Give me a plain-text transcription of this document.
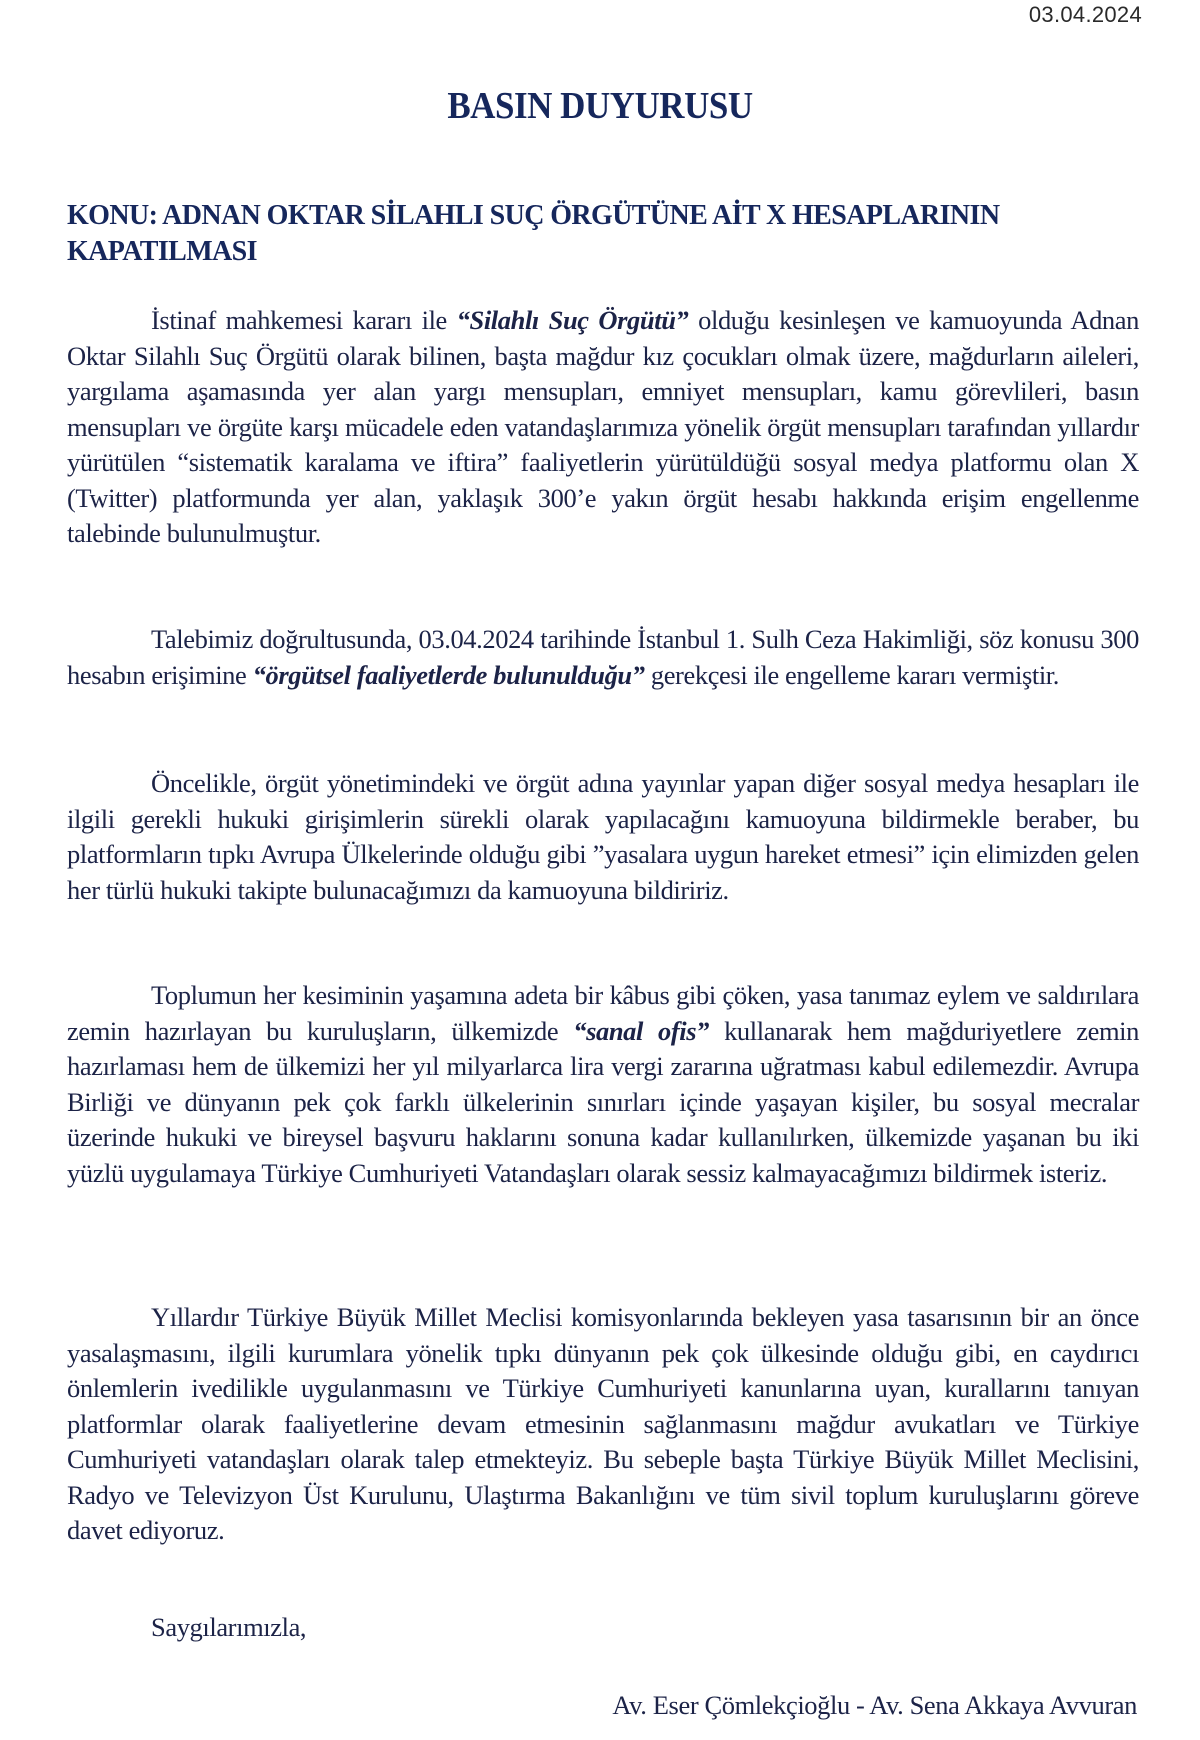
03.04.2024
BASIN DUYURUSU
KONU: ADNAN OKTAR SİLAHLI SUÇ ÖRGÜTÜNE AİT X HESAPLARININ KAPATILMASI

İstinaf mahkemesi kararı ile “Silahlı Suç Örgütü” olduğu kesinleşen ve kamuoyunda Adnan Oktar Silahlı Suç Örgütü olarak bilinen, başta mağdur kız çocukları olmak üzere, mağdurların aileleri, yargılama aşamasında yer alan yargı mensupları, emniyet mensupları, kamu görevlileri, basın mensupları ve örgüte karşı mücadele eden vatandaşlarımıza yönelik örgüt mensupları tarafından yıllardır yürütülen “sistematik karalama ve iftira” faaliyetlerin yürütüldüğü sosyal medya platformu olan X (Twitter) platformunda yer alan, yaklaşık 300’e yakın örgüt hesabı hakkında erişim engellenme talebinde bulunulmuştur.

Talebimiz doğrultusunda, 03.04.2024 tarihinde İstanbul 1. Sulh Ceza Hakimliği, söz konusu 300 hesabın erişimine “örgütsel faaliyetlerde bulunulduğu” gerekçesi ile engelleme kararı vermiştir.

Öncelikle, örgüt yönetimindeki ve örgüt adına yayınlar yapan diğer sosyal medya hesapları ile ilgili gerekli hukuki girişimlerin sürekli olarak yapılacağını kamuoyuna bildirmekle beraber, bu platformların tıpkı Avrupa Ülkelerinde olduğu gibi ”yasalara uygun hareket etmesi” için elimizden gelen her türlü hukuki takipte bulunacağımızı da kamuoyuna bildiririz.

Toplumun her kesiminin yaşamına adeta bir kâbus gibi çöken, yasa tanımaz eylem ve saldırılara zemin hazırlayan bu kuruluşların, ülkemizde “sanal ofis” kullanarak hem mağduriyetlere zemin hazırlaması hem de ülkemizi her yıl milyarlarca lira vergi zararına uğratması kabul edilemezdir. Avrupa Birliği ve dünyanın pek çok farklı ülkelerinin sınırları içinde yaşayan kişiler, bu sosyal mecralar üzerinde hukuki ve bireysel başvuru haklarını sonuna kadar kullanılırken, ülkemizde yaşanan bu iki yüzlü uygulamaya Türkiye Cumhuriyeti Vatandaşları olarak sessiz kalmayacağımızı bildirmek isteriz.

Yıllardır Türkiye Büyük Millet Meclisi komisyonlarında bekleyen yasa tasarısının bir an önce yasalaşmasını, ilgili kurumlara yönelik tıpkı dünyanın pek çok ülkesinde olduğu gibi, en caydırıcı önlemlerin ivedilikle uygulanmasını ve Türkiye Cumhuriyeti kanunlarına uyan, kurallarını tanıyan platformlar olarak faaliyetlerine devam etmesinin sağlanmasını mağdur avukatları ve Türkiye Cumhuriyeti vatandaşları olarak talep etmekteyiz. Bu sebeple başta Türkiye Büyük Millet Meclisini, Radyo ve Televizyon Üst Kurulunu, Ulaştırma Bakanlığını ve tüm sivil toplum kuruluşlarını göreve davet ediyoruz.

Saygılarımızla,
Av. Eser Çömlekçioğlu - Av. Sena Akkaya Avvuran
